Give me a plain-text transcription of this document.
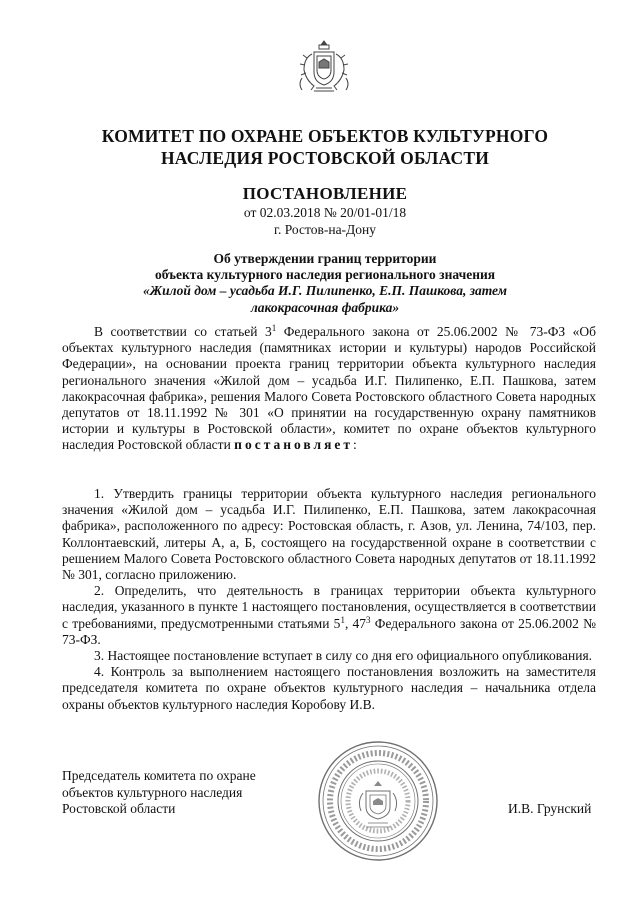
КОМИТЕТ ПО ОХРАНЕ ОБЪЕКТОВ КУЛЬТУРНОГО
НАСЛЕДИЯ РОСТОВСКОЙ ОБЛАСТИ
ПОСТАНОВЛЕНИЕ
от 02.03.2018 № 20/01-01/18
г. Ростов-на-Дону
Об утверждении границ территории
объекта культурного наследия регионального значения
«Жилой дом – усадьба И.Г. Пилипенко, Е.П. Пашкова, затем
лакокрасочная фабрика»

В соответствии со статьей $3^1$ Федерального закона от 25.06.2002 № 73-ФЗ «Об объектах культурного наследия (памятниках истории и культуры) народов Российской Федерации», на основании проекта границ территории объекта культурного наследия регионального значения «Жилой дом – усадьба И.Г. Пилипенко, Е.П. Пашкова, затем лакокрасочная фабрика», решения Малого Совета Ростовского областного Совета народных депутатов от 18.11.1992 № 301 «О принятии на государственную охрану памятников истории и культуры в Ростовской области», комитет по охране объектов культурного наследия Ростовской области постановляет:

1. Утвердить границы территории объекта культурного наследия регионального значения «Жилой дом – усадьба И.Г. Пилипенко, Е.П. Пашкова, затем лакокрасочная фабрика», расположенного по адресу: Ростовская область, г. Азов, ул. Ленина, 74/103, пер. Коллонтаевский, литеры А, а, Б, состоящего на государственной охране в соответствии с решением Малого Совета Ростовского областного Совета народных депутатов от 18.11.1992 № 301, согласно приложению.

2. Определить, что деятельность в границах территории объекта культурного наследия, указанного в пункте 1 настоящего постановления, осуществляется в соответствии с требованиями, предусмотренными статьями $5^1$, $47^3$ Федерального закона от 25.06.2002 № 73-ФЗ.

3. Настоящее постановление вступает в силу со дня его официального опубликования.

4. Контроль за выполнением настоящего постановления возложить на заместителя председателя комитета по охране объектов культурного наследия – начальника отдела охраны объектов культурного наследия Коробову И.В.

Председатель комитета по охране
объектов культурного наследия
Ростовской области	И.В. Грунский
